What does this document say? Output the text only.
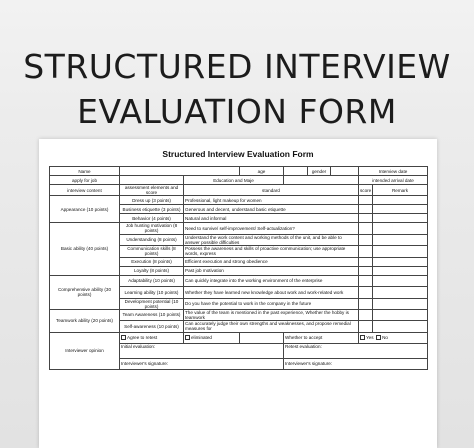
STRUCTURED INTERVIEW
EVALUATION FORM
Structured Interview Evaluation Form
Name			age		gender		Interview date	
apply for job		Education and Maje					intended arrival date	
interview content	assessment elements and score	standard					score	Remark
Appearance (10 points)	Dress up (3 points)	Professional, light makeup for women						
	Business etiquette (3 points)	Generous and decent, understand basic etiquette						
	Behavior (4 points)	Natural and informal						
Basic ability (40 points)	Job hunting motivation (8 points)	Need to survive/ self-improvement/ Self-actualization?						
	Understanding (8 points)	Understand the work content and working methods of the unit, and be able to answer possible difficulties						
	Communication skills (8 points)	Possess the awareness and skills of proactive communication; use appropriate words, express						
	Execution (8 points)	Efficient execution and strong obedience						
	Loyalty (8 points)	Past job motivation						
Comprehensive ability (30 points)	Adaptability (10 points)	Can quickly integrate into the working environment of the enterprise						
	Learning ability (10 points)	Whether they have learned new knowledge about work and work-related work						
	Development potential (10 points)	Do you have the potential to work in the company in the future						
Teamwork ability (20 points)	Team Awareness (10 points)	The value of the team is mentioned in the past experience, Whether the hobby is teamwork						
	Self-awareness (10 points)	Can accurately judge their own strengths and weaknesses, and propose remedial measures for						
Interviewer opinion	Agree to retest	eliminated		Whether to accept			Yes No	
	Initial evaluation:			Retest evaluation:				
	Interviewer's signature:			Interviewer's signature:				
